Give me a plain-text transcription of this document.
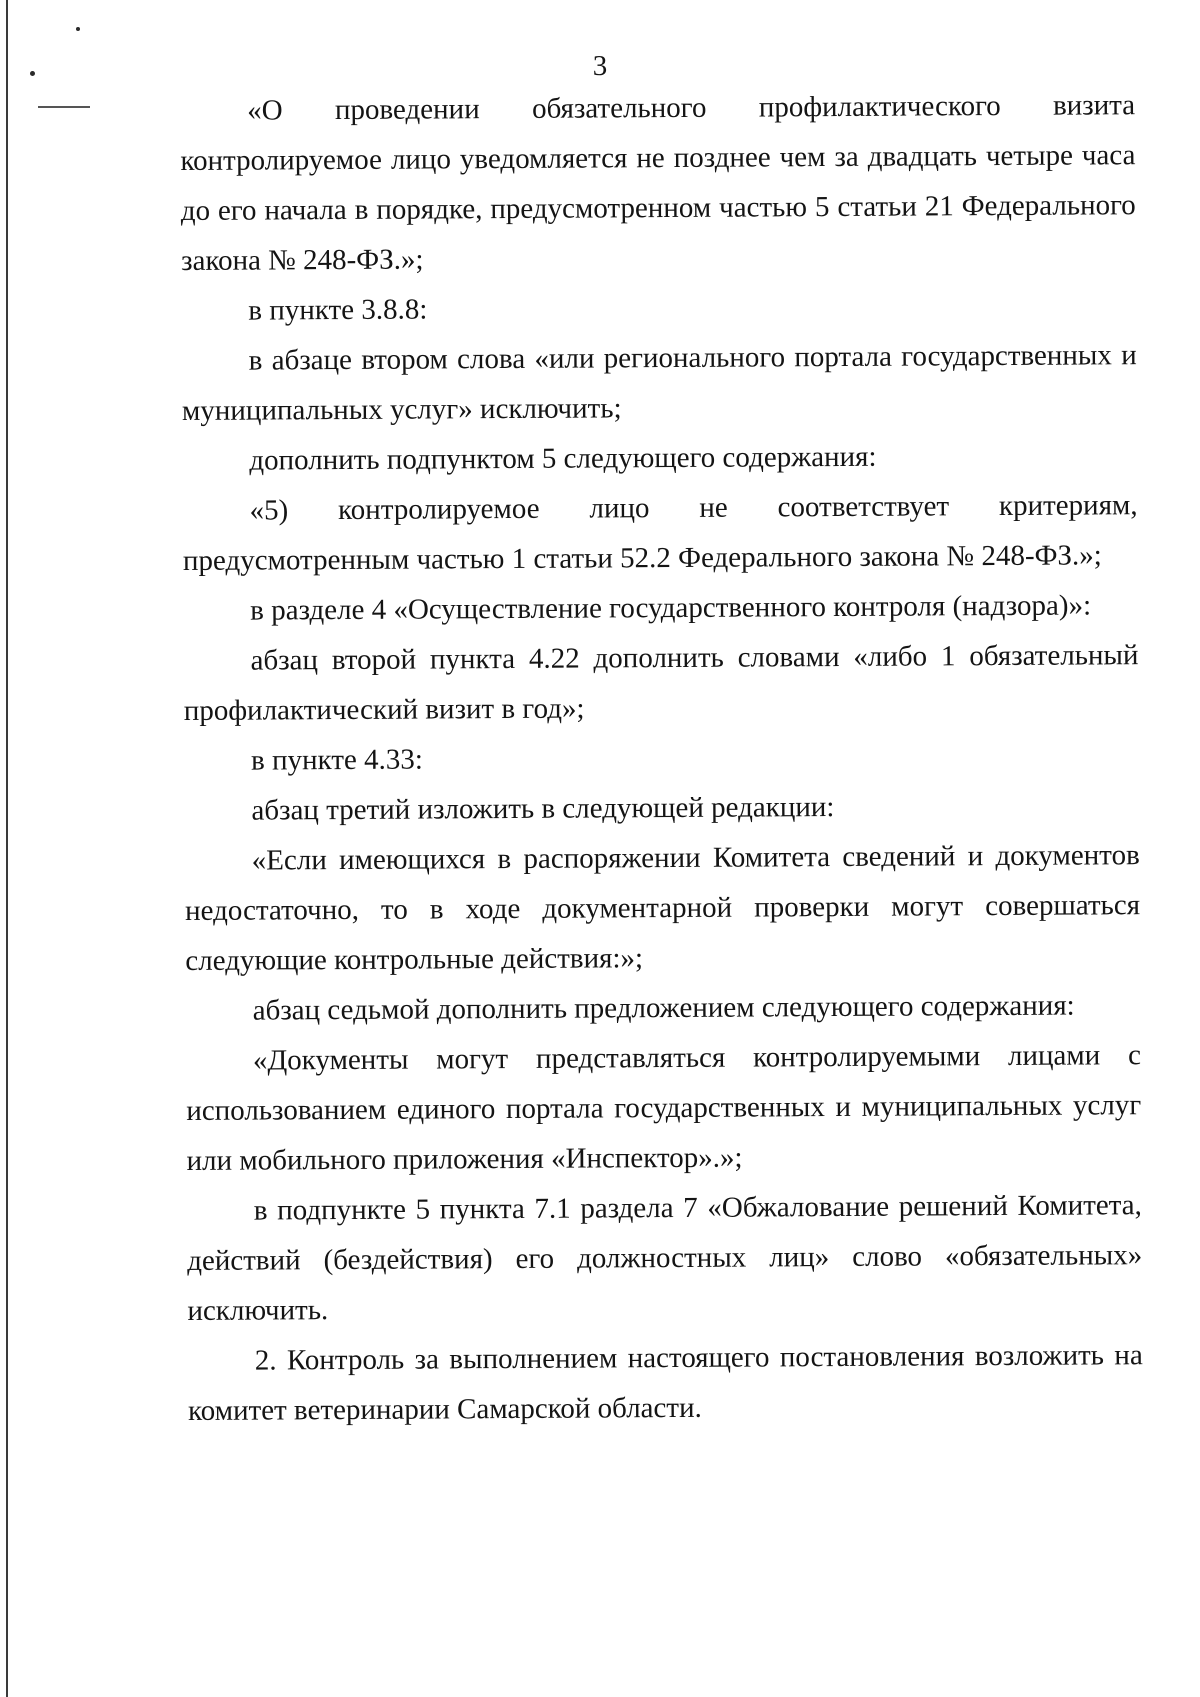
3

«О проведении обязательного профилактического визита контролируемое лицо уведомляется не позднее чем за двадцать четыре часа до его начала в порядке, предусмотренном частью 5 статьи 21 Федерального закона № 248-ФЗ.»;

в пункте 3.8.8:

в абзаце втором слова «или регионального портала государственных и муниципальных услуг» исключить;

дополнить подпунктом 5 следующего содержания:

«5) контролируемое лицо не соответствует критериям, предусмотренным частью 1 статьи 52.2 Федерального закона № 248-ФЗ.»;

в разделе 4 «Осуществление государственного контроля (надзора)»:

абзац второй пункта 4.22 дополнить словами «либо 1 обязательный профилактический визит в год»;

в пункте 4.33:

абзац третий изложить в следующей редакции:

«Если имеющихся в распоряжении Комитета сведений и документов недостаточно, то в ходе документарной проверки могут совершаться следующие контрольные действия:»;

абзац седьмой дополнить предложением следующего содержания:

«Документы могут представляться контролируемыми лицами с использованием единого портала государственных и муниципальных услуг или мобильного приложения «Инспектор».»;

в подпункте 5 пункта 7.1 раздела 7 «Обжалование решений Комитета, действий (бездействия) его должностных лиц» слово «обязательных» исключить.

2. Контроль за выполнением настоящего постановления возложить на комитет ветеринарии Самарской области.
